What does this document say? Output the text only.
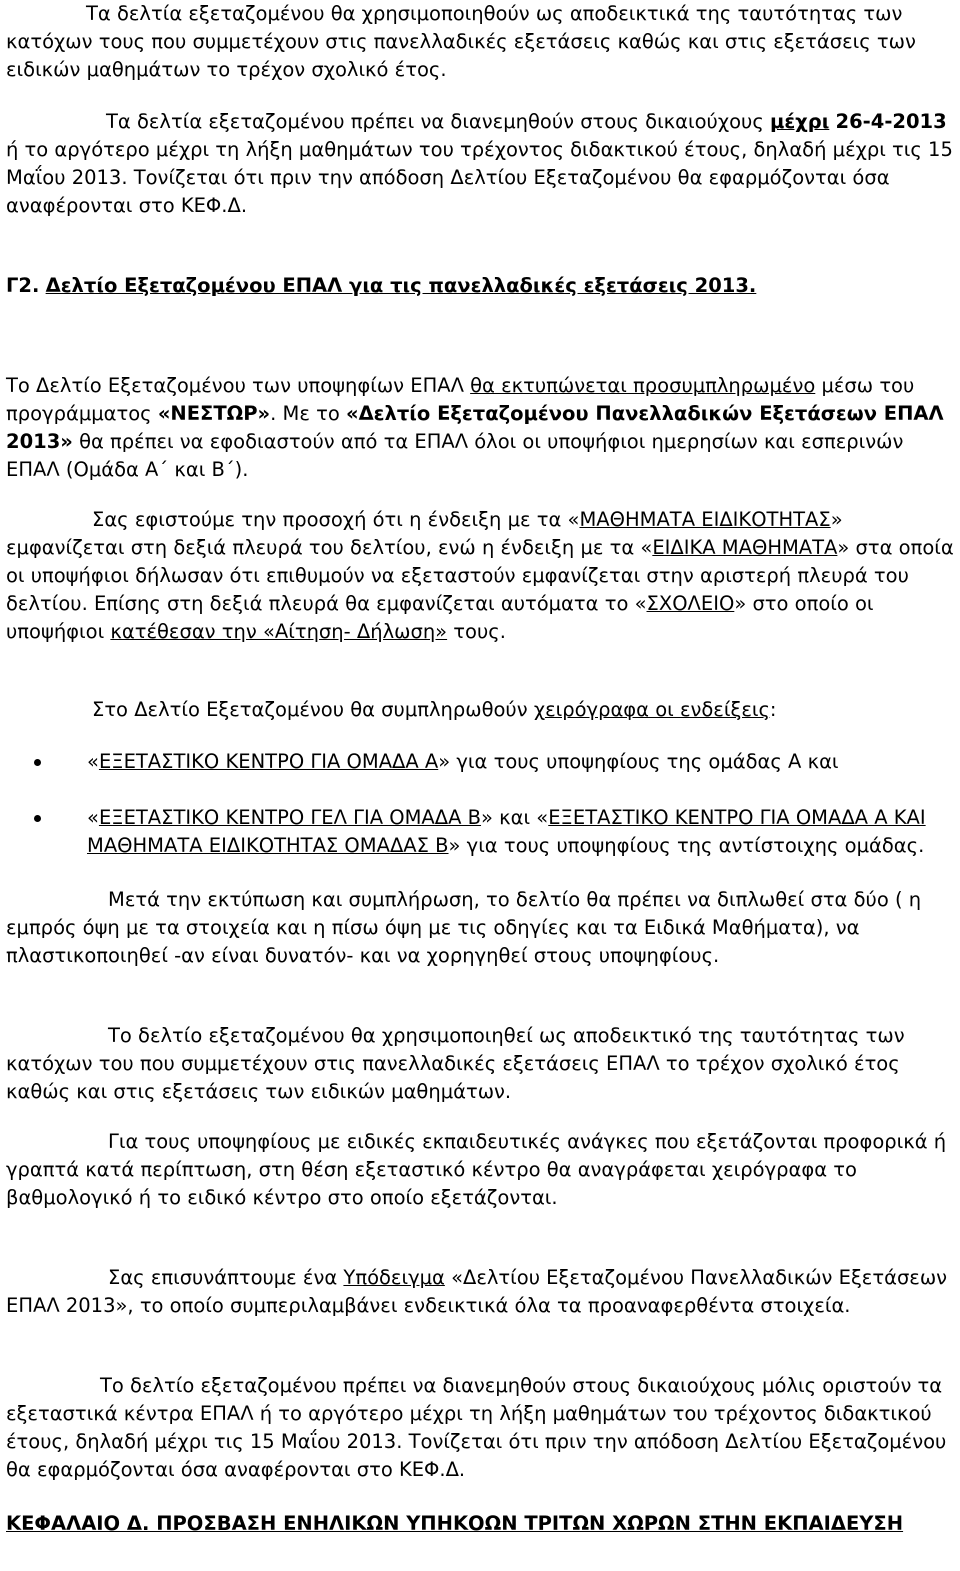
Τα δελτία εξεταζομένου θα χρησιμοποιηθούν ως αποδεικτικά της ταυτότητας των κατόχων τους που συμμετέχουν στις πανελλαδικές εξετάσεις καθώς και στις εξετάσεις των ειδικών μαθημάτων το τρέχον σχολικό έτος.

Τα δελτία εξεταζομένου πρέπει να διανεμηθούν στους δικαιούχους μέχρι 26-4-2013 ή το αργότερο μέχρι τη λήξη μαθημάτων του τρέχοντος διδακτικού έτους, δηλαδή μέχρι τις 15 Μαΐου 2013. Τονίζεται ότι πριν την απόδοση Δελτίου Εξεταζομένου θα εφαρμόζονται όσα αναφέρονται στο ΚΕΦ.Δ.

Γ2. Δελτίο Εξεταζομένου ΕΠΑΛ για τις πανελλαδικές εξετάσεις 2013.

Το Δελτίο Εξεταζομένου των υποψηφίων ΕΠΑΛ θα εκτυπώνεται προσυμπληρωμένο μέσω του προγράμματος «ΝΕΣΤΩΡ». Με το «Δελτίο Εξεταζομένου Πανελλαδικών Εξετάσεων ΕΠΑΛ 2013» θα πρέπει να εφοδιαστούν από τα ΕΠΑΛ όλοι οι υποψήφιοι ημερησίων και εσπερινών ΕΠΑΛ (Ομάδα Α΄ και Β΄).

Σας εφιστούμε την προσοχή ότι η ένδειξη με τα «ΜΑΘΗΜΑΤΑ ΕΙΔΙΚΟΤΗΤΑΣ» εμφανίζεται στη δεξιά πλευρά του δελτίου, ενώ η ένδειξη με τα «ΕΙΔΙΚΑ ΜΑΘΗΜΑΤΑ» στα οποία οι υποψήφιοι δήλωσαν ότι επιθυμούν να εξεταστούν εμφανίζεται στην αριστερή πλευρά του δελτίου. Επίσης στη δεξιά πλευρά θα εμφανίζεται αυτόματα το «ΣΧΟΛΕΙΟ» στο οποίο οι υποψήφιοι κατέθεσαν την «Αίτηση- Δήλωση» τους.

Στο Δελτίο Εξεταζομένου θα συμπληρωθούν χειρόγραφα οι ενδείξεις:

«ΕΞΕΤΑΣΤΙΚΟ ΚΕΝΤΡΟ ΓΙΑ ΟΜΑΔΑ Α» για τους υποψηφίους της ομάδας Α και
«ΕΞΕΤΑΣΤΙΚΟ ΚΕΝΤΡΟ ΓΕΛ ΓΙΑ ΟΜΑΔΑ Β» και «ΕΞΕΤΑΣΤΙΚΟ ΚΕΝΤΡΟ ΓΙΑ ΟΜΑΔΑ Α ΚΑΙ ΜΑΘΗΜΑΤΑ ΕΙΔΙΚΟΤΗΤΑΣ ΟΜΑΔΑΣ Β» για τους υποψηφίους της αντίστοιχης ομάδας.

Μετά την εκτύπωση και συμπλήρωση, το δελτίο θα πρέπει να διπλωθεί στα δύο ( η εμπρός όψη με τα στοιχεία και η πίσω όψη με τις οδηγίες και τα Ειδικά Μαθήματα), να πλαστικοποιηθεί -αν είναι δυνατόν- και να χορηγηθεί στους υποψηφίους.

Το δελτίο εξεταζομένου θα χρησιμοποιηθεί ως αποδεικτικό της ταυτότητας των κατόχων του που συμμετέχουν στις πανελλαδικές εξετάσεις ΕΠΑΛ το τρέχον σχολικό έτος καθώς και στις εξετάσεις των ειδικών μαθημάτων.

Για τους υποψηφίους με ειδικές εκπαιδευτικές ανάγκες που εξετάζονται προφορικά ή γραπτά κατά περίπτωση, στη θέση εξεταστικό κέντρο θα αναγράφεται χειρόγραφα το βαθμολογικό ή το ειδικό κέντρο στο οποίο εξετάζονται.

Σας επισυνάπτουμε ένα Υπόδειγμα «Δελτίου Εξεταζομένου Πανελλαδικών Εξετάσεων ΕΠΑΛ 2013», το οποίο συμπεριλαμβάνει ενδεικτικά όλα τα προαναφερθέντα στοιχεία.

Το δελτίο εξεταζομένου πρέπει να διανεμηθούν στους δικαιούχους μόλις οριστούν τα εξεταστικά κέντρα ΕΠΑΛ ή το αργότερο μέχρι τη λήξη μαθημάτων του τρέχοντος διδακτικού έτους, δηλαδή μέχρι τις 15 Μαΐου 2013. Τονίζεται ότι πριν την απόδοση Δελτίου Εξεταζομένου θα εφαρμόζονται όσα αναφέρονται στο ΚΕΦ.Δ.

ΚΕΦΑΛΑΙΟ Δ. ΠΡΟΣΒΑΣΗ ΕΝΗΛΙΚΩΝ ΥΠΗΚΟΩΝ ΤΡΙΤΩΝ ΧΩΡΩΝ ΣΤΗΝ ΕΚΠΑΙΔΕΥΣΗ
